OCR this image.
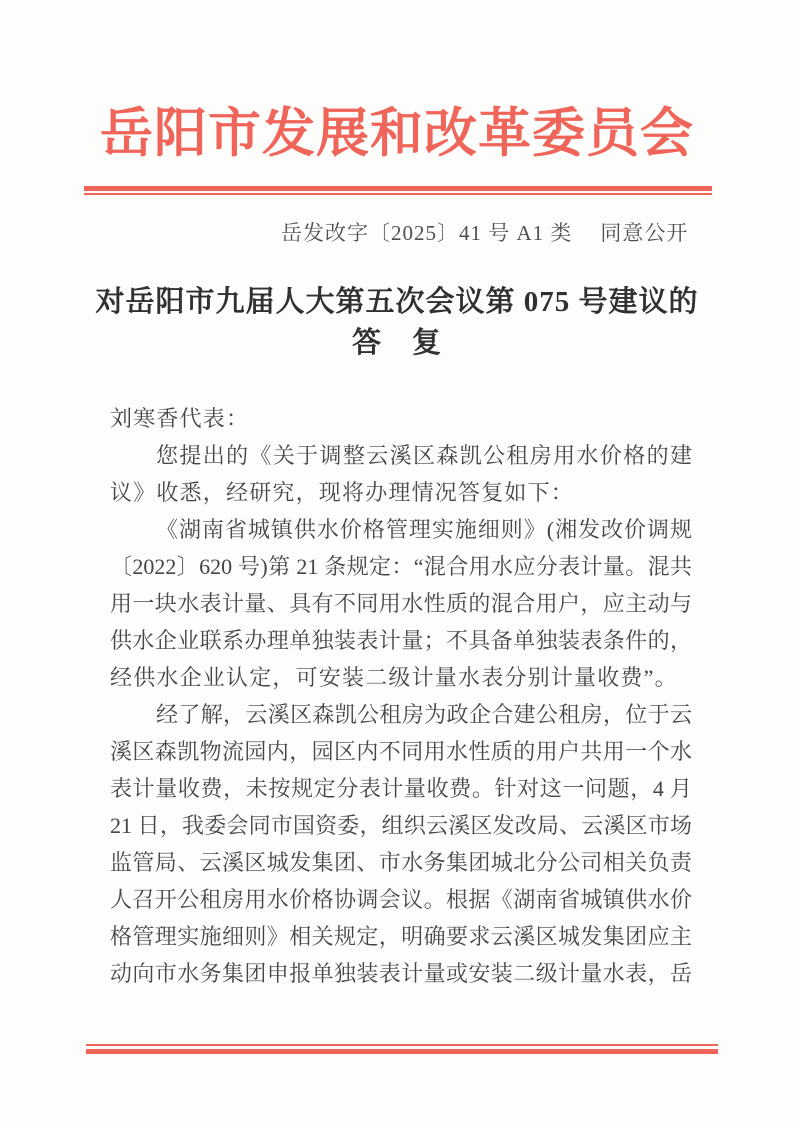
岳阳市发展和改革委员会
岳发改字〔2025〕41 号 A1 类 同意公开
对岳阳市九届人大第五次会议第 075 号建议的
答　复
刘寒香代表：
您提出的《关于调整云溪区森凯公租房用水价格的建
议》收悉，经研究，现将办理情况答复如下：
《湖南省城镇供水价格管理实施细则》(湘发改价调规
〔2022〕620 号)第 21 条规定：“混合用水应分表计量。混共
用一块水表计量、具有不同用水性质的混合用户，应主动与
供水企业联系办理单独装表计量；不具备单独装表条件的，
经供水企业认定，可安装二级计量水表分别计量收费”。
经了解，云溪区森凯公租房为政企合建公租房，位于云
溪区森凯物流园内，园区内不同用水性质的用户共用一个水
表计量收费，未按规定分表计量收费。针对这一问题，4 月
21 日，我委会同市国资委，组织云溪区发改局、云溪区市场
监管局、云溪区城发集团、市水务集团城北分公司相关负责
人召开公租房用水价格协调会议。根据《湖南省城镇供水价
格管理实施细则》相关规定，明确要求云溪区城发集团应主
动向市水务集团申报单独装表计量或安装二级计量水表，岳
